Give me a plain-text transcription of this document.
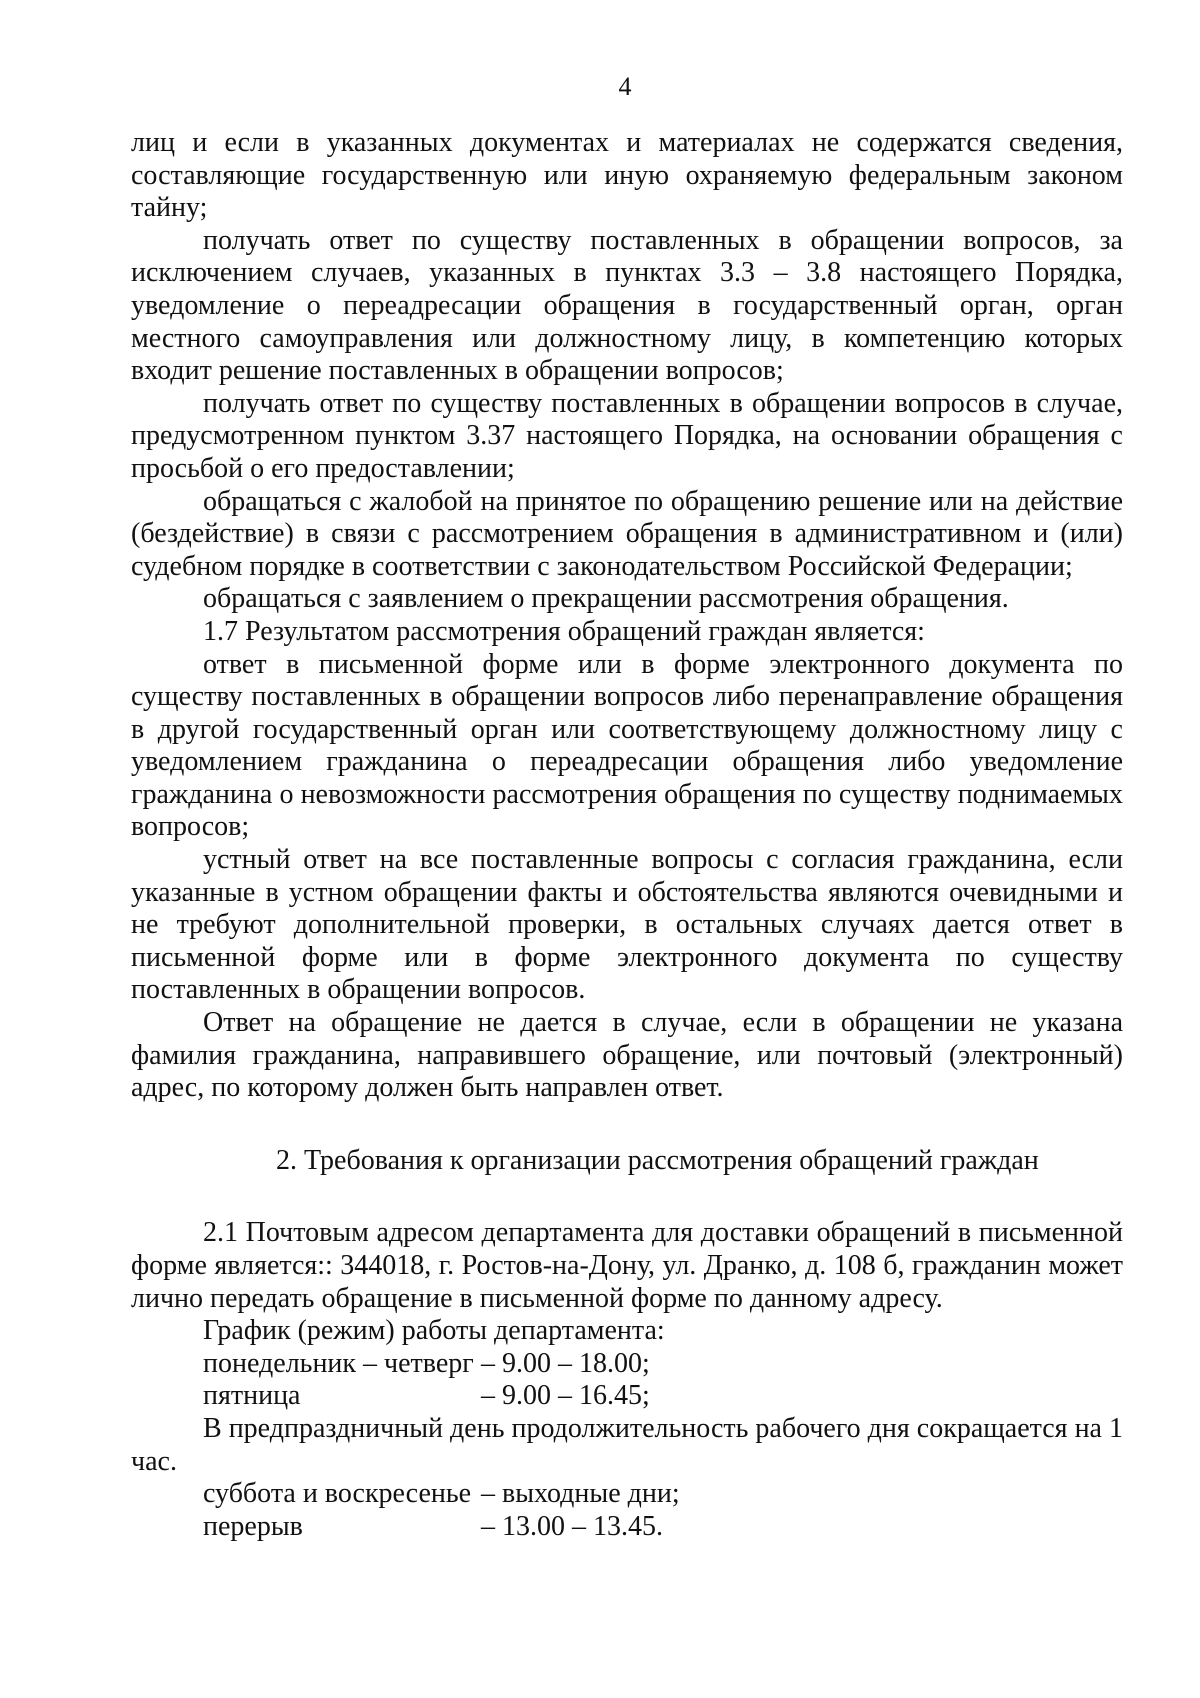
4

лиц и если в указанных документах и материалах не содержатся сведения, составляющие государственную или иную охраняемую федеральным законом тайну;

получать ответ по существу поставленных в обращении вопросов, за исключением случаев, указанных в пунктах 3.3 – 3.8 настоящего Порядка, уведомление о переадресации обращения в государственный орган, орган местного самоуправления или должностному лицу, в компетенцию которых входит решение поставленных в обращении вопросов;

получать ответ по существу поставленных в обращении вопросов в случае, предусмотренном пунктом 3.37 настоящего Порядка, на основании обращения с просьбой о его предоставлении;

обращаться с жалобой на принятое по обращению решение или на действие (бездействие) в связи с рассмотрением обращения в административном и (или) судебном порядке в соответствии с законодательством Российской Федерации;

обращаться с заявлением о прекращении рассмотрения обращения.

1.7 Результатом рассмотрения обращений граждан является:

ответ в письменной форме или в форме электронного документа по существу поставленных в обращении вопросов либо перенаправление обращения в другой государственный орган или соответствующему должностному лицу с уведомлением гражданина о переадресации обращения либо уведомление гражданина о невозможности рассмотрения обращения по существу поднимаемых вопросов;

устный ответ на все поставленные вопросы с согласия гражданина, если указанные в устном обращении факты и обстоятельства являются очевидными и не требуют дополнительной проверки, в остальных случаях дается ответ в письменной форме или в форме электронного документа по существу поставленных в обращении вопросов.

Ответ на обращение не дается в случае, если в обращении не указана фамилия гражданина, направившего обращение, или почтовый (электронный) адрес, по которому должен быть направлен ответ.

2. Требования к организации рассмотрения обращений граждан

2.1 Почтовым адресом департамента для доставки обращений в письменной форме является:: 344018, г. Ростов-на-Дону, ул. Дранко, д. 108 б, гражданин может лично передать обращение в письменной форме по данному адресу.

График (режим) работы департамента:

понедельник – четверг – 9.00 – 18.00;
пятница	– 9.00 – 16.45;

В предпраздничный день продолжительность рабочего дня сокращается на 1 час.

суббота и воскресенье – выходные дни;
перерыв	– 13.00 – 13.45.
